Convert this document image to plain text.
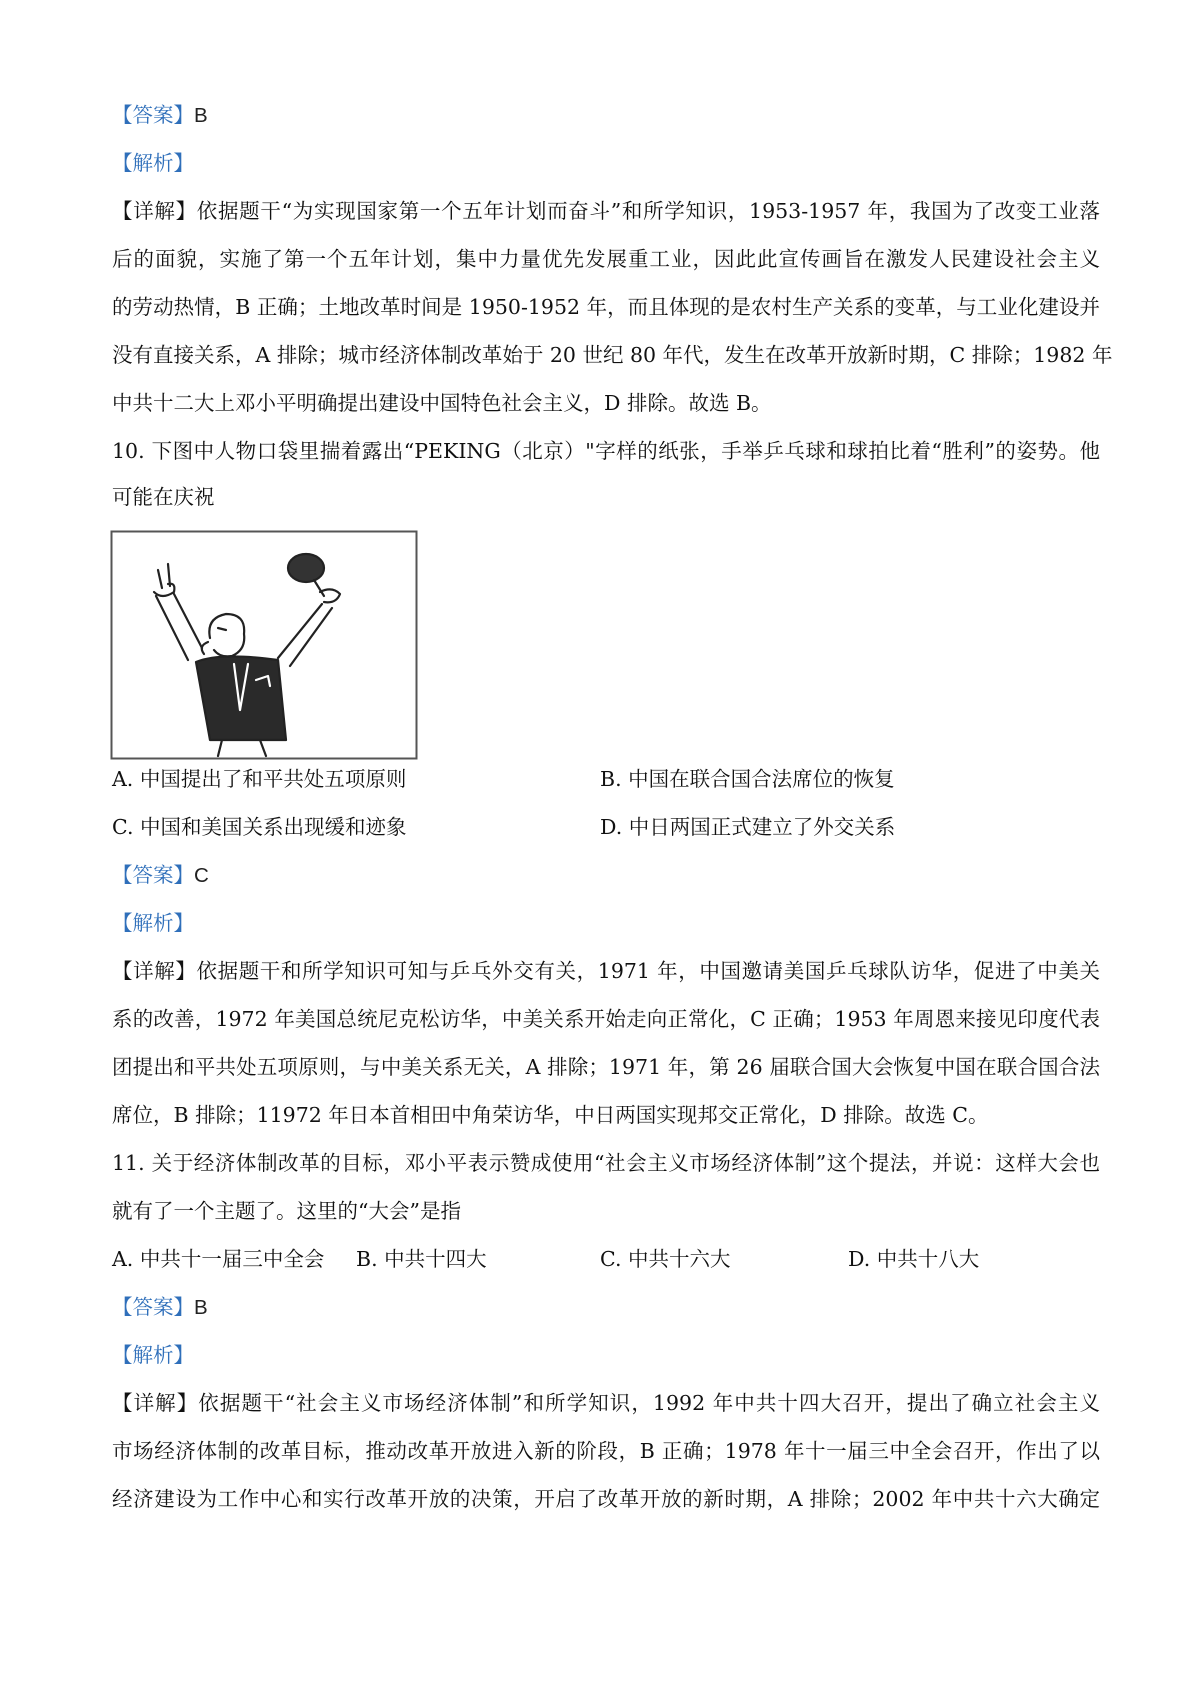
【答案】B
【解析】
【详解】依据题干“为实现国家第一个五年计划而奋斗”和所学知识，1953-1957 年，我国为了改变工业落
后的面貌，实施了第一个五年计划，集中力量优先发展重工业，因此此宣传画旨在激发人民建设社会主义
的劳动热情，B 正确；土地改革时间是 1950-1952 年，而且体现的是农村生产关系的变革，与工业化建设并
没有直接关系，A 排除；城市经济体制改革始于 20 世纪 80 年代，发生在改革开放新时期，C 排除；1982 年
中共十二大上邓小平明确提出建设中国特色社会主义，D 排除。故选 B。
10. 下图中人物口袋里揣着露出“PEKING（北京）"字样的纸张，手举乒乓球和球拍比着“胜利”的姿势。他
可能在庆祝
A. 中国提出了和平共处五项原则	B. 中国在联合国合法席位的恢复
C. 中国和美国关系出现缓和迹象	D. 中日两国正式建立了外交关系
【答案】C
【解析】
【详解】依据题干和所学知识可知与乒乓外交有关，1971 年，中国邀请美国乒乓球队访华，促进了中美关
系的改善，1972 年美国总统尼克松访华，中美关系开始走向正常化，C 正确；1953 年周恩来接见印度代表
团提出和平共处五项原则，与中美关系无关，A 排除；1971 年，第 26 届联合国大会恢复中国在联合国合法
席位，B 排除；11972 年日本首相田中角荣访华，中日两国实现邦交正常化，D 排除。故选 C。
11. 关于经济体制改革的目标，邓小平表示赞成使用“社会主义市场经济体制”这个提法，并说：这样大会也
就有了一个主题了。这里的“大会”是指
A. 中共十一届三中全会 B. 中共十四大	C. 中共十六大	D. 中共十八大
【答案】B
【解析】
【详解】依据题干“社会主义市场经济体制”和所学知识，1992 年中共十四大召开，提出了确立社会主义
市场经济体制的改革目标，推动改革开放进入新的阶段，B 正确；1978 年十一届三中全会召开，作出了以
经济建设为工作中心和实行改革开放的决策，开启了改革开放的新时期，A 排除；2002 年中共十六大确定
